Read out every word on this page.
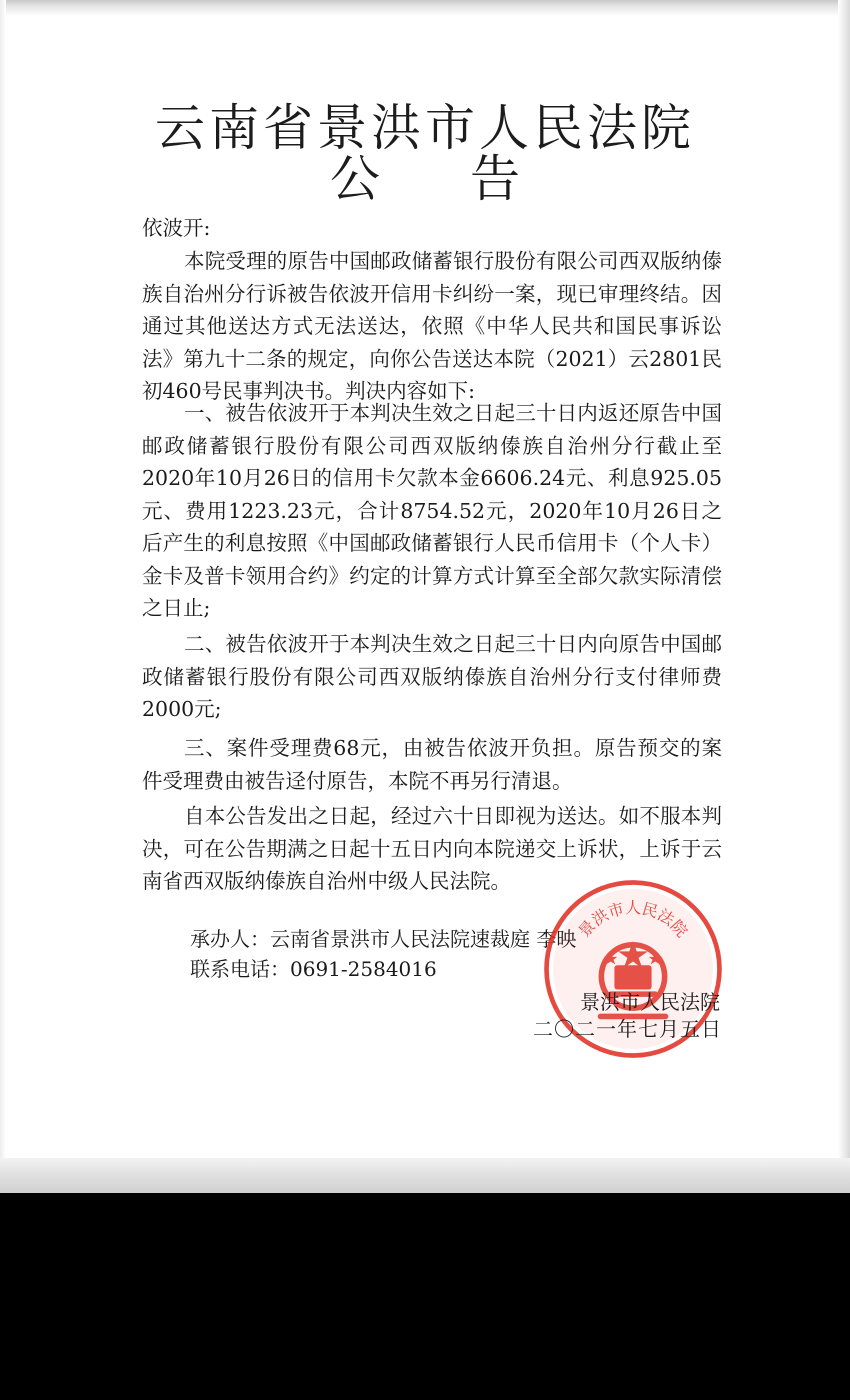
云南省景洪市人民法院
公 告

依波开:

本院受理的原告中国邮政储蓄银行股份有限公司西双版纳傣族自治州分行诉被告依波开信用卡纠纷一案，现已审理终结。因通过其他送达方式无法送达，依照《中华人民共和国民事诉讼法》第九十二条的规定，向你公告送达本院（2021）云2801民初460号民事判决书。判决内容如下:

一、被告依波开于本判决生效之日起三十日内返还原告中国邮政储蓄银行股份有限公司西双版纳傣族自治州分行截止至2020年10月26日的信用卡欠款本金6606.24元、利息925.05元、费用1223.23元，合计8754.52元，2020年10月26日之后产生的利息按照《中国邮政储蓄银行人民币信用卡（个人卡）金卡及普卡领用合约》约定的计算方式计算至全部欠款实际清偿之日止;

二、被告依波开于本判决生效之日起三十日内向原告中国邮政储蓄银行股份有限公司西双版纳傣族自治州分行支付律师费2000元;

三、案件受理费68元，由被告依波开负担。原告预交的案件受理费由被告迳付原告，本院不再另行清退。

自本公告发出之日起，经过六十日即视为送达。如不服本判决，可在公告期满之日起十五日内向本院递交上诉状，上诉于云南省西双版纳傣族自治州中级人民法院。

承办人：云南省景洪市人民法院速裁庭 李映
联系电话：0691-2584016
景洪市人民法院
景洪市人民法院
二〇二一年七月五日
